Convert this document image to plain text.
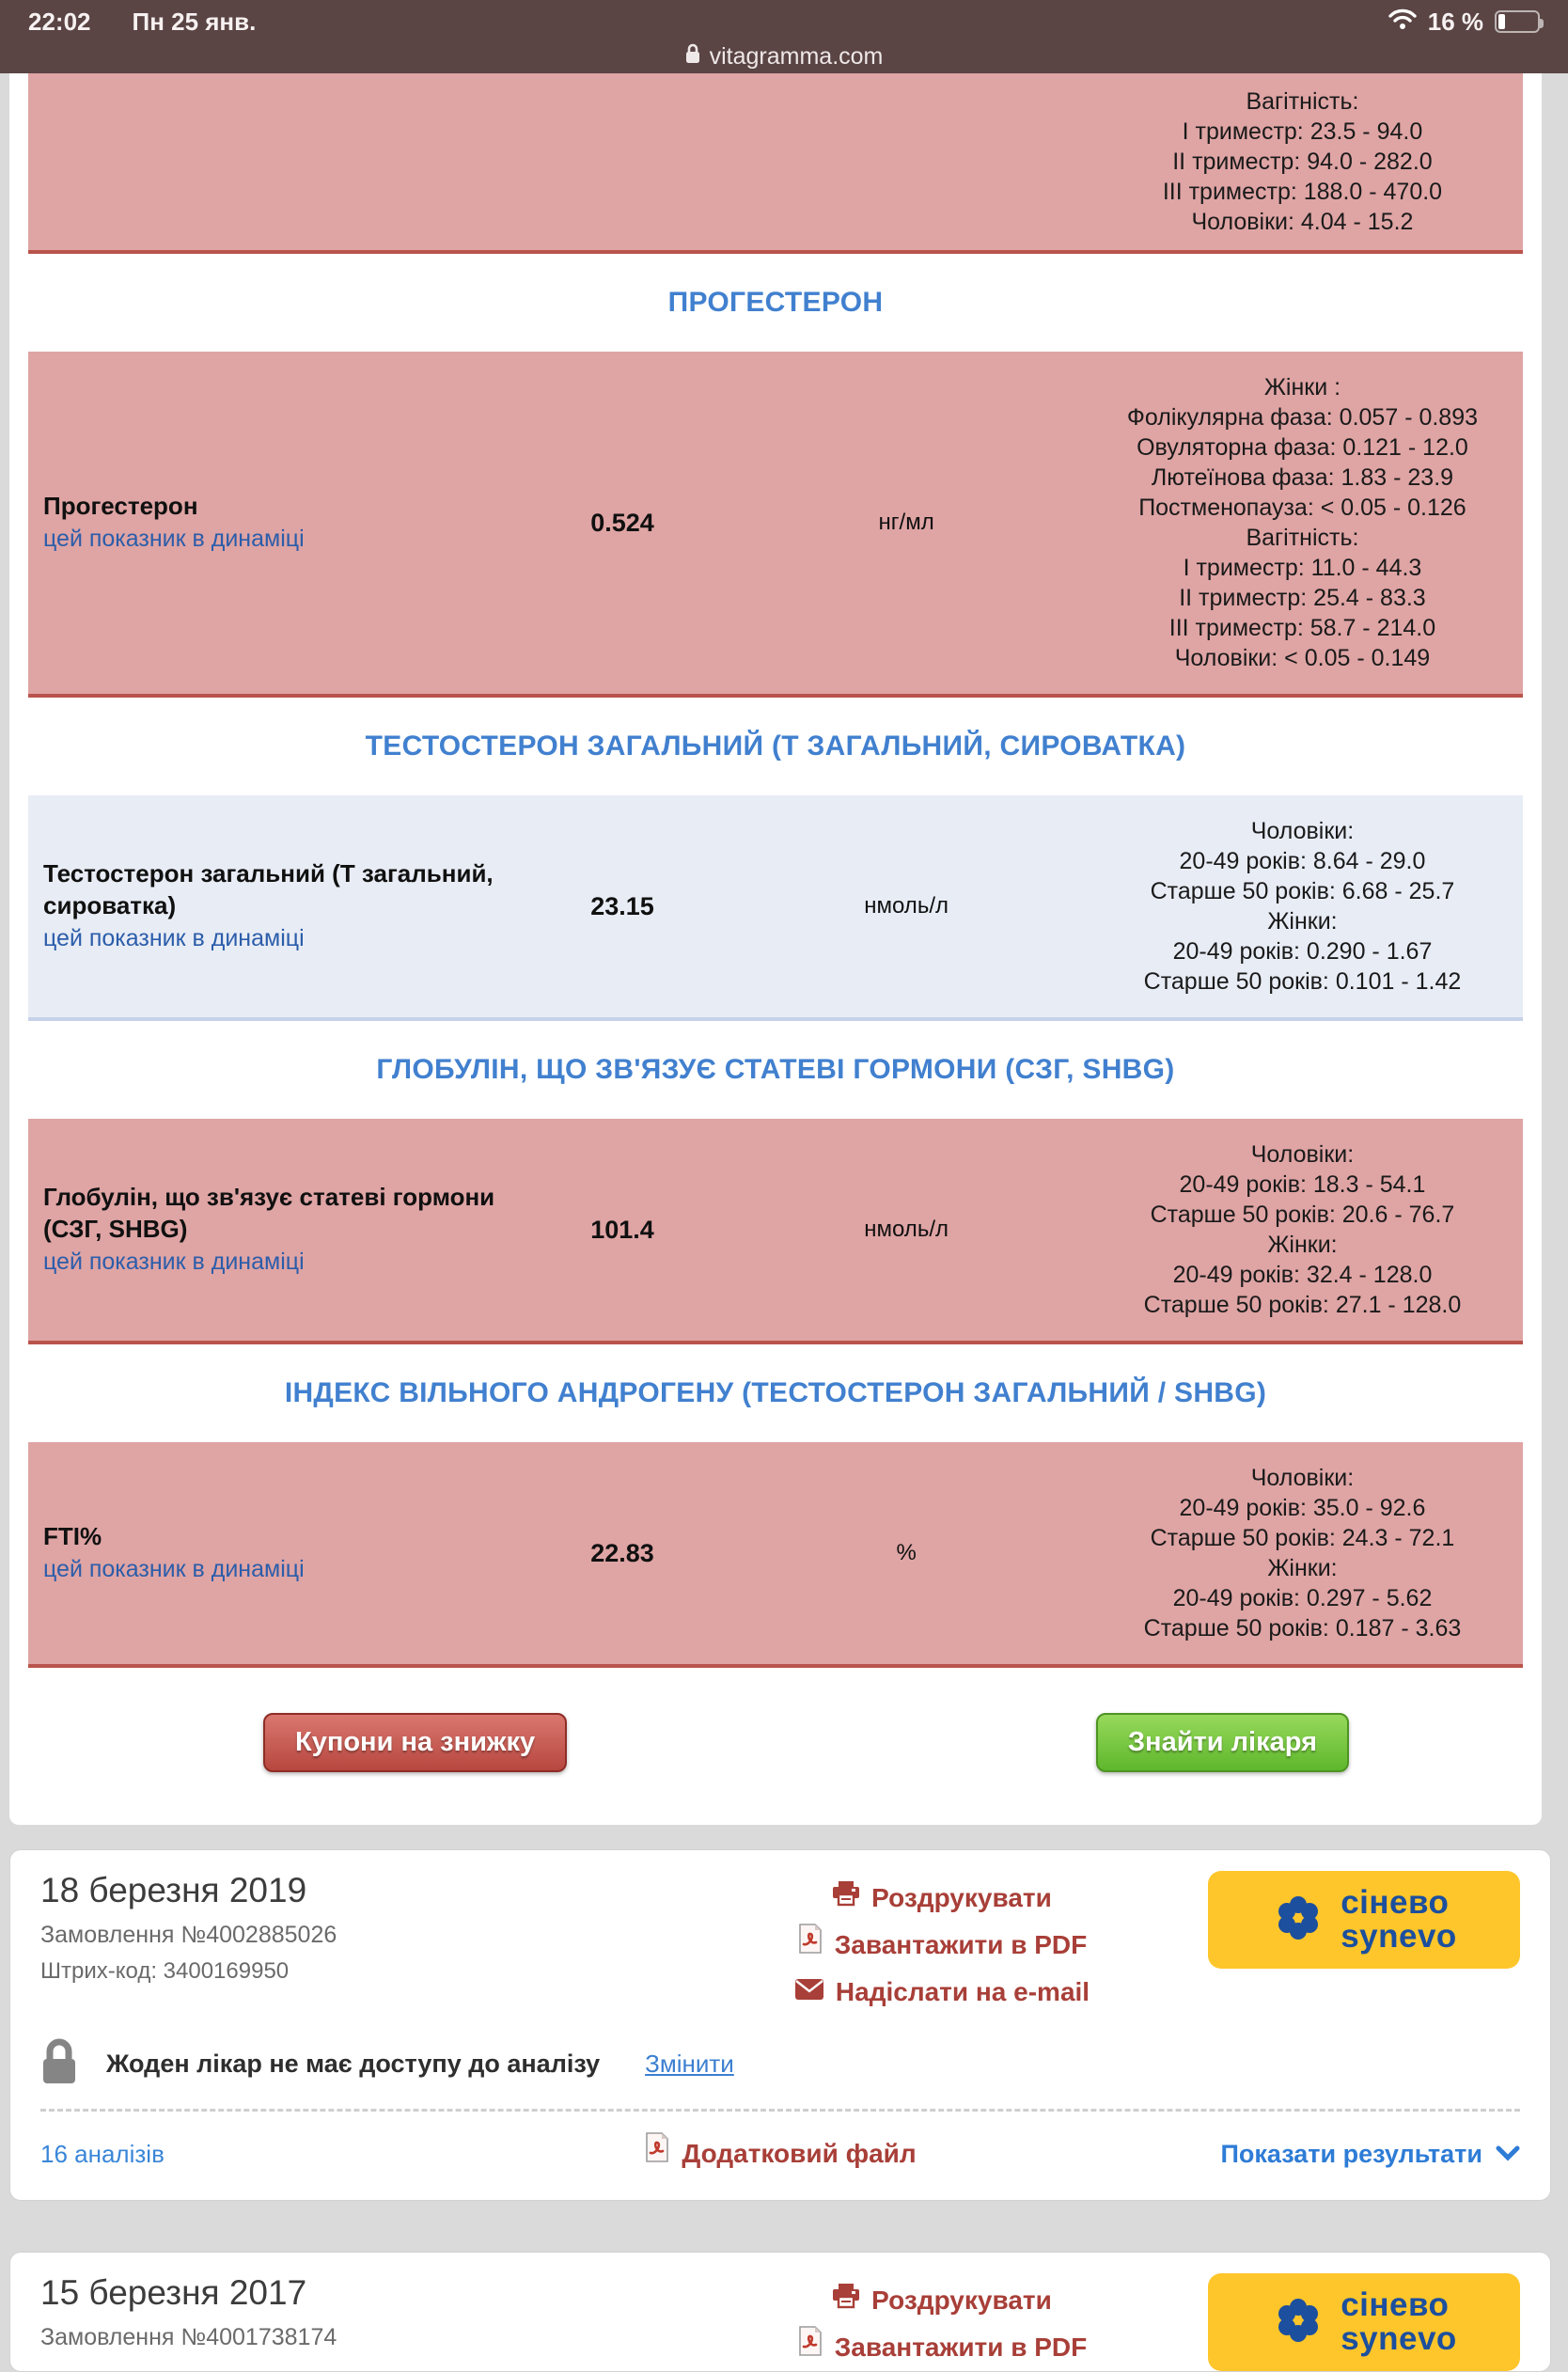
22:02 Пн 25 янв.	16 %
vitagramma.com
Вагітність:
І триместр: 23.5 - 94.0
ІІ триместр: 94.0 - 282.0
ІІІ триместр: 188.0 - 470.0
Чоловіки: 4.04 - 15.2
ПРОГЕСТЕРОН
Прогестерон
цей показник в динаміці
0.524	нг/мл
Жінки :
Фолікулярна фаза: 0.057 - 0.893
Овуляторна фаза: 0.121 - 12.0
Лютеїнова фаза: 1.83 - 23.9
Постменопауза: < 0.05 - 0.126
Вагітність:
І триместр: 11.0 - 44.3
ІІ триместр: 25.4 - 83.3
ІІІ триместр: 58.7 - 214.0
Чоловіки: < 0.05 - 0.149
ТЕСТОСТЕРОН ЗАГАЛЬНИЙ (Т ЗАГАЛЬНИЙ, СИРОВАТКА)
Тестостерон загальний (Т загальний, сироватка)
цей показник в динаміці
23.15	нмоль/л
Чоловіки:
20-49 років: 8.64 - 29.0
Старше 50 років: 6.68 - 25.7
Жінки:
20-49 років: 0.290 - 1.67
Старше 50 років: 0.101 - 1.42
ГЛОБУЛІН, ЩО ЗВ'ЯЗУЄ СТАТЕВІ ГОРМОНИ (СЗГ, SHBG)
Глобулін, що зв'язує статеві гормони (СЗГ, SHBG)
цей показник в динаміці
101.4	нмоль/л
Чоловіки:
20-49 років: 18.3 - 54.1
Старше 50 років: 20.6 - 76.7
Жінки:
20-49 років: 32.4 - 128.0
Старше 50 років: 27.1 - 128.0
ІНДЕКС ВІЛЬНОГО АНДРОГЕНУ (ТЕСТОСТЕРОН ЗАГАЛЬНИЙ / SHBG)
FTI%
цей показник в динаміці
22.83	%
Чоловіки:
20-49 років: 35.0 - 92.6
Старше 50 років: 24.3 - 72.1
Жінки:
20-49 років: 0.297 - 5.62
Старше 50 років: 0.187 - 3.63
Купони на знижку	Знайти лікаря
18 березня 2019
Замовлення №4002885026
Штрих-код: 3400169950
Роздрукувати
Завантажити в PDF
Надіслати на e-mail
сінево
synevo
Жоден лікар не має доступу до аналізу Змінити
16 аналізів	Додатковий файл	Показати результати
15 березня 2017
Замовлення №4001738174
Роздрукувати
Завантажити в PDF
сінево
synevo
